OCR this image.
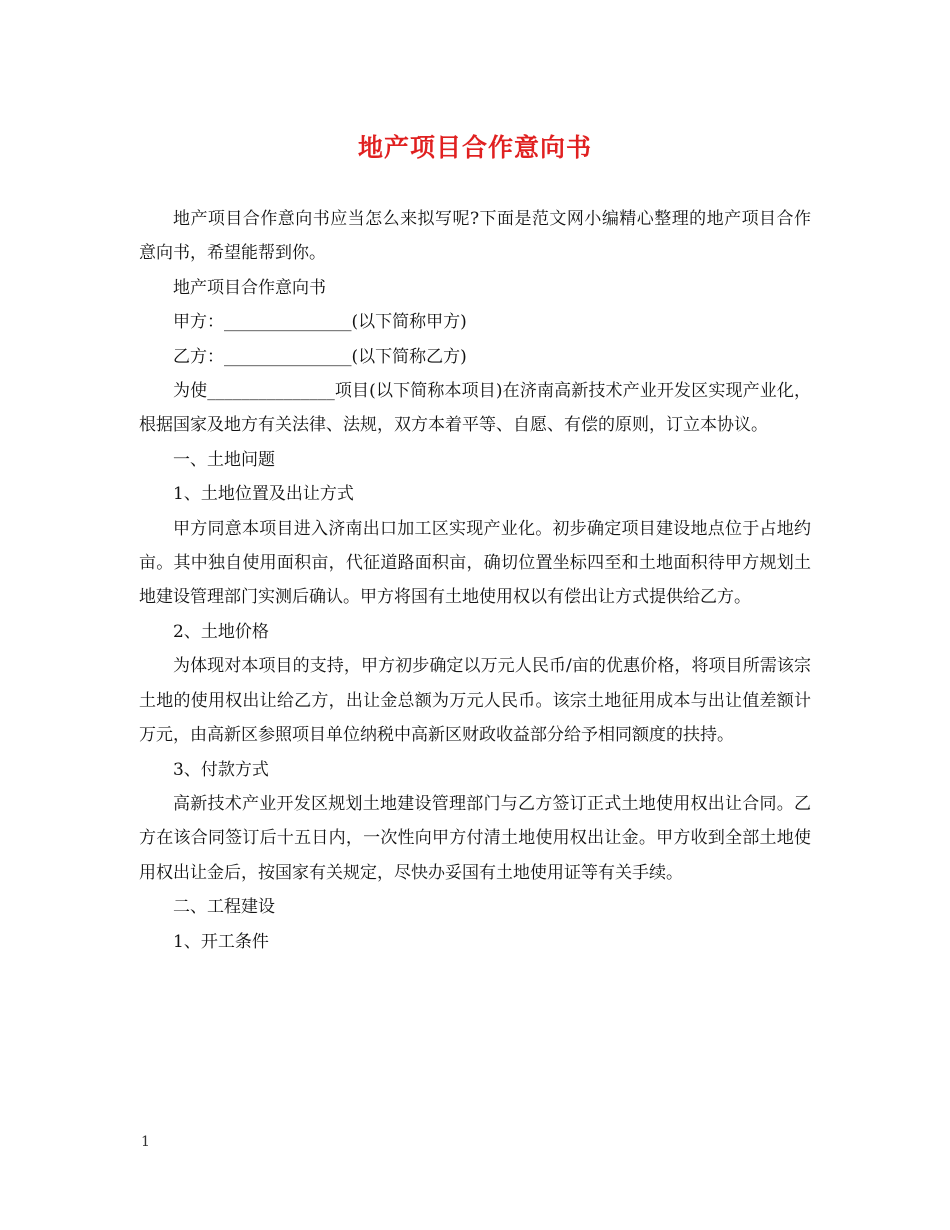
地产项目合作意向书

地产项目合作意向书应当怎么来拟写呢?下面是范文网小编精心整理的地产项目合作意向书，希望能帮到你。

地产项目合作意向书

甲方：_______________(以下简称甲方)

乙方：_______________(以下简称乙方)

为使_______________项目(以下简称本项目)在济南高新技术产业开发区实现产业化，根据国家及地方有关法律、法规，双方本着平等、自愿、有偿的原则，订立本协议。

一、土地问题

1、土地位置及出让方式

甲方同意本项目进入济南出口加工区实现产业化。初步确定项目建设地点位于占地约亩。其中独自使用面积亩，代征道路面积亩，确切位置坐标四至和土地面积待甲方规划土地建设管理部门实测后确认。甲方将国有土地使用权以有偿出让方式提供给乙方。

2、土地价格

为体现对本项目的支持，甲方初步确定以万元人民币/亩的优惠价格，将项目所需该宗土地的使用权出让给乙方，出让金总额为万元人民币。该宗土地征用成本与出让值差额计万元，由高新区参照项目单位纳税中高新区财政收益部分给予相同额度的扶持。

3、付款方式

高新技术产业开发区规划土地建设管理部门与乙方签订正式土地使用权出让合同。乙方在该合同签订后十五日内，一次性向甲方付清土地使用权出让金。甲方收到全部土地使用权出让金后，按国家有关规定，尽快办妥国有土地使用证等有关手续。

二、工程建设

1、开工条件

1
